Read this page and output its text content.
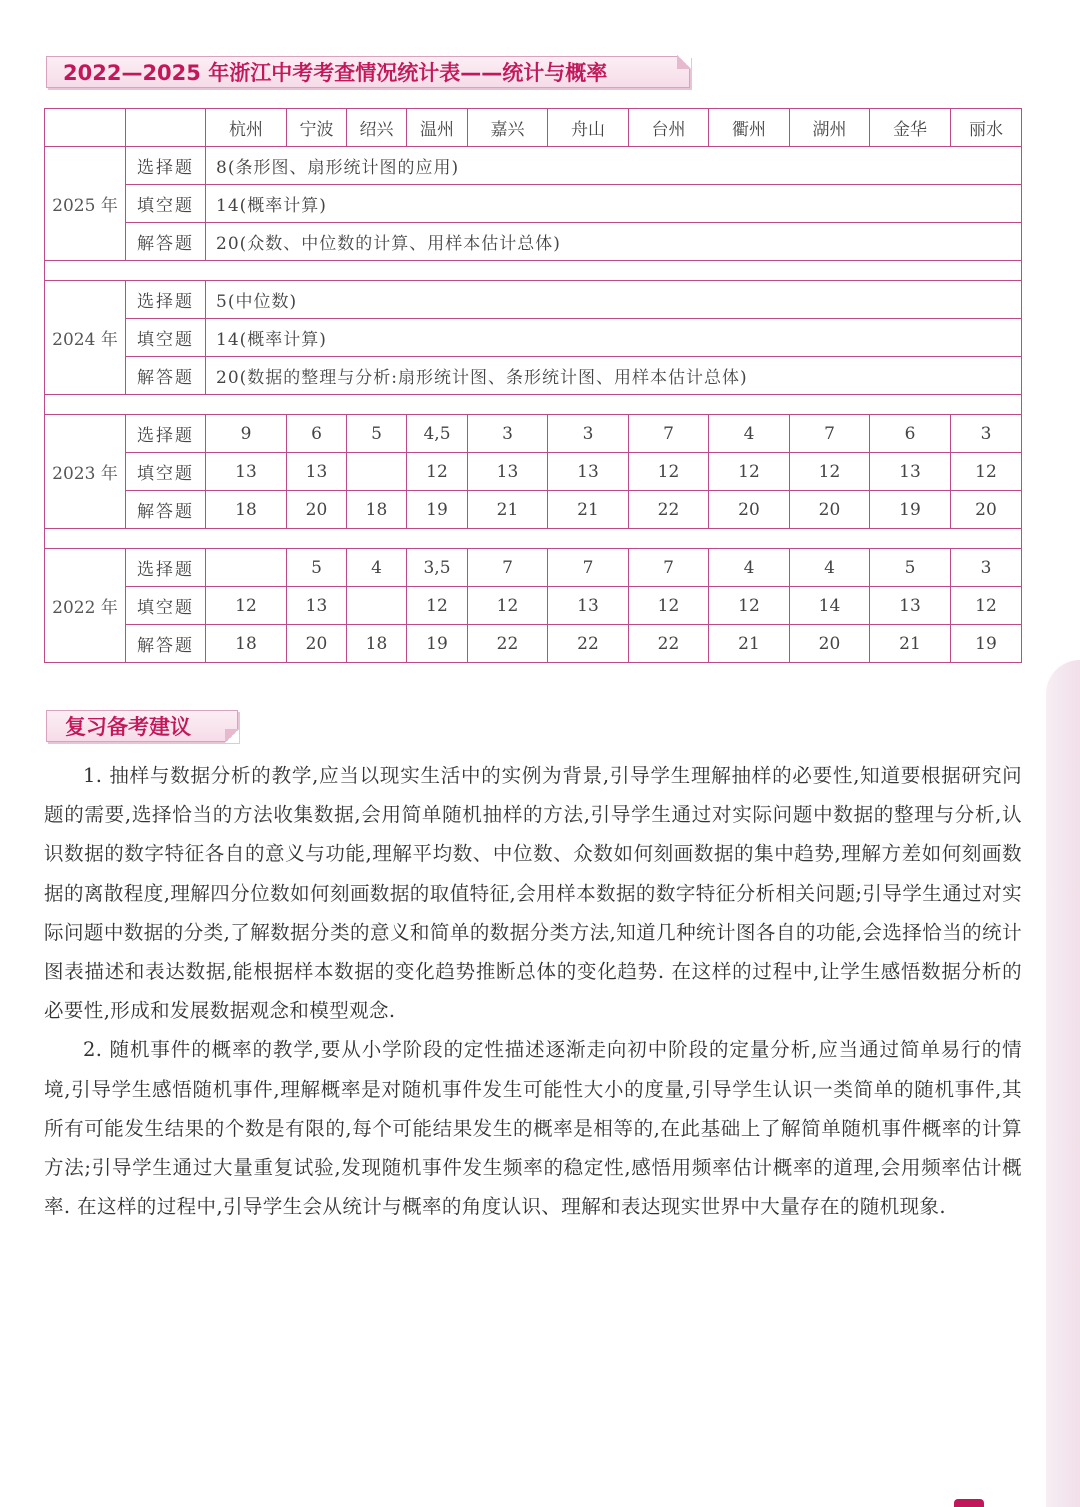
2022—2025 年浙江中考考查情况统计表——统计与概率
		杭州	宁波	绍兴	温州	嘉兴	舟山	台州	衢州	湖州	金华	丽水
2025 年	选择题	8(条形图、扇形统计图的应用)										
	填空题	14(概率计算)										
	解答题	20(众数、中位数的计算、用样本估计总体)										

2024 年	选择题	5(中位数)										
	填空题	14(概率计算)										
	解答题	20(数据的整理与分析:扇形统计图、条形统计图、用样本估计总体)										

2023 年	选择题	9	6	5	4,5	3	3	7	4	7	6	3
	填空题	13	13		12	13	13	12	12	12	13	12
	解答题	18	20	18	19	21	21	22	20	20	19	20

2022 年	选择题		5	4	3,5	7	7	7	4	4	5	3
	填空题	12	13		12	12	13	12	12	14	13	12
	解答题	18	20	18	19	22	22	22	21	20	21	19
复习备考建议

1. 抽样与数据分析的教学,应当以现实生活中的实例为背景,引导学生理解抽样的必要性,知道要根据研究问题的需要,选择恰当的方法收集数据,会用简单随机抽样的方法,引导学生通过对实际问题中数据的整理与分析,认识数据的数字特征各自的意义与功能,理解平均数、中位数、众数如何刻画数据的集中趋势,理解方差如何刻画数据的离散程度,理解四分位数如何刻画数据的取值特征,会用样本数据的数字特征分析相关问题;引导学生通过对实际问题中数据的分类,了解数据分类的意义和简单的数据分类方法,知道几种统计图各自的功能,会选择恰当的统计图表描述和表达数据,能根据样本数据的变化趋势推断总体的变化趋势. 在这样的过程中,让学生感悟数据分析的必要性,形成和发展数据观念和模型观念.

2. 随机事件的概率的教学,要从小学阶段的定性描述逐渐走向初中阶段的定量分析,应当通过简单易行的情境,引导学生感悟随机事件,理解概率是对随机事件发生可能性大小的度量,引导学生认识一类简单的随机事件,其所有可能发生结果的个数是有限的,每个可能结果发生的概率是相等的,在此基础上了解简单随机事件概率的计算方法;引导学生通过大量重复试验,发现随机事件发生频率的稳定性,感悟用频率估计概率的道理,会用频率估计概率. 在这样的过程中,引导学生会从统计与概率的角度认识、理解和表达现实世界中大量存在的随机现象.
